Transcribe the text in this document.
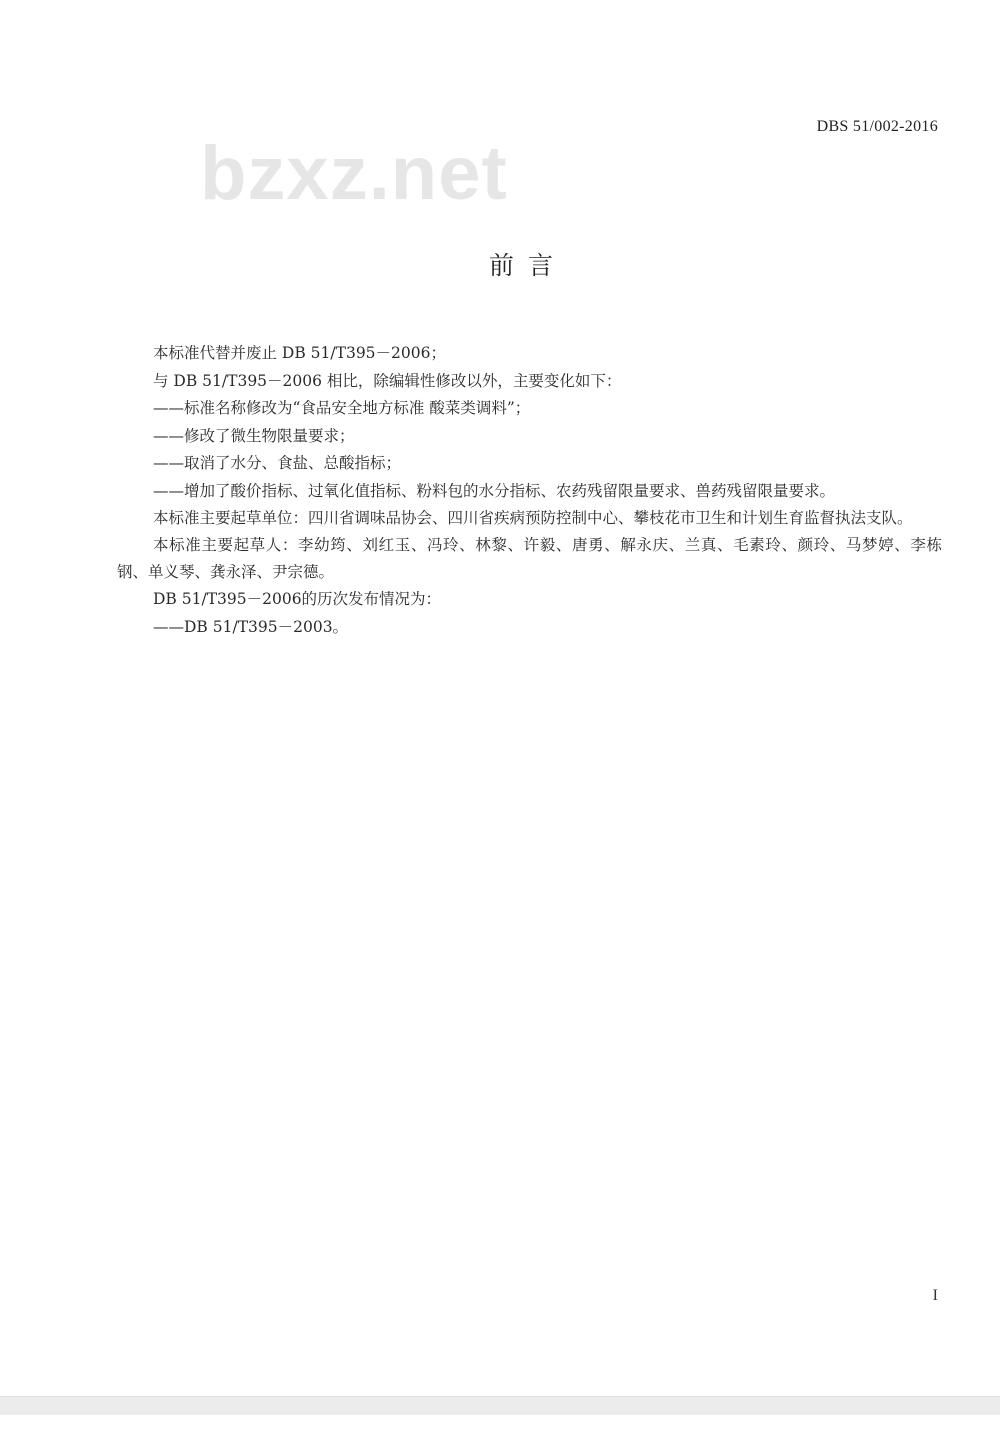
DBS 51/002-2016
bzxz.net
前言

本标准代替并废止 DB 51/T395－2006；

与 DB 51/T395－2006 相比，除编辑性修改以外，主要变化如下：

——标准名称修改为“食品安全地方标准 酸菜类调料”；

——修改了微生物限量要求；

——取消了水分、食盐、总酸指标；

——增加了酸价指标、过氧化值指标、粉料包的水分指标、农药残留限量要求、兽药残留限量要求。

本标准主要起草单位：四川省调味品协会、四川省疾病预防控制中心、攀枝花市卫生和计划生育监督执法支队。

本标准主要起草人：李幼筠、刘红玉、冯玲、林黎、许毅、唐勇、解永庆、兰真、毛素玲、颜玲、马梦婷、李栋钢、单义琴、龚永泽、尹宗德。

DB 51/T395－2006的历次发布情况为：

——DB 51/T395－2003。

I
